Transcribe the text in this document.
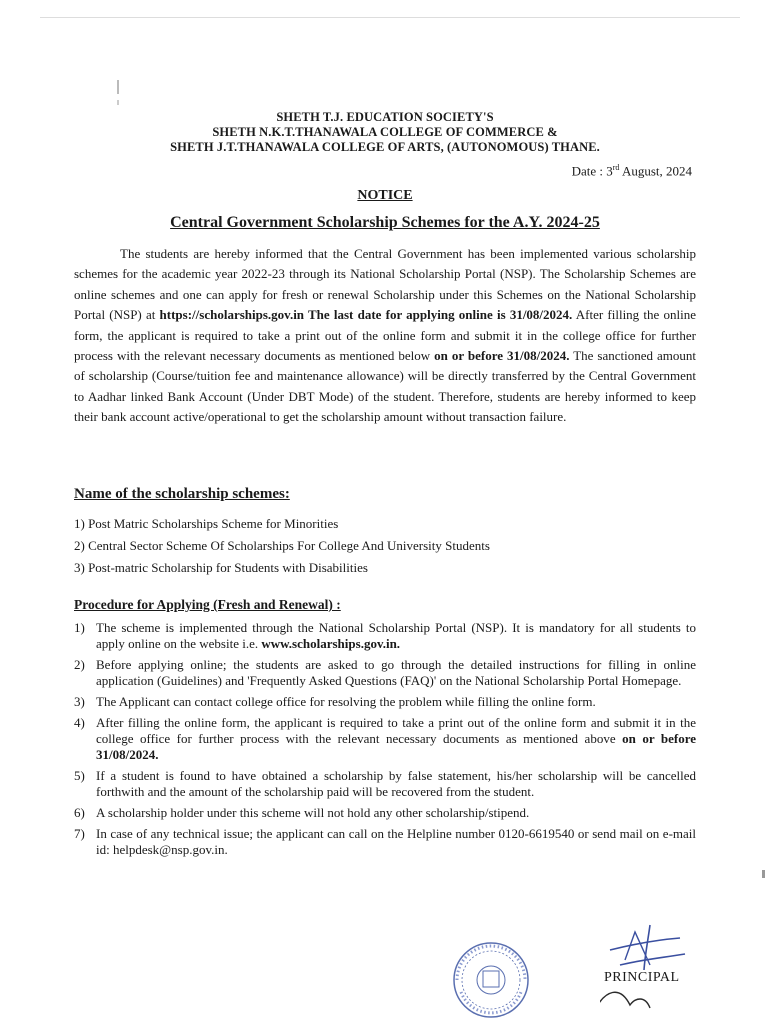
SHETH T.J. EDUCATION SOCIETY'S
SHETH N.K.T.THANAWALA COLLEGE OF COMMERCE &
SHETH J.T.THANAWALA COLLEGE OF ARTS, (AUTONOMOUS) THANE.
Date : 3rd August, 2024
NOTICE
Central Government Scholarship Schemes for the A.Y. 2024-25
The students are hereby informed that the Central Government has been implemented various scholarship schemes for the academic year 2022-23 through its National Scholarship Portal (NSP). The Scholarship Schemes are online schemes and one can apply for fresh or renewal Scholarship under this Schemes on the National Scholarship Portal (NSP) at https://scholarships.gov.in The last date for applying online is 31/08/2024. After filling the online form, the applicant is required to take a print out of the online form and submit it in the college office for further process with the relevant necessary documents as mentioned below on or before 31/08/2024. The sanctioned amount of scholarship (Course/tuition fee and maintenance allowance) will be directly transferred by the Central Government to Aadhar linked Bank Account (Under DBT Mode) of the student. Therefore, students are hereby informed to keep their bank account active/operational to get the scholarship amount without transaction failure.
Name of the scholarship schemes:
1) Post Matric Scholarships Scheme for Minorities
2) Central Sector Scheme Of Scholarships For College And University Students
3) Post-matric Scholarship for Students with Disabilities
Procedure for Applying (Fresh and Renewal) :
1) The scheme is implemented through the National Scholarship Portal (NSP). It is mandatory for all students to apply online on the website i.e. www.scholarships.gov.in.
2) Before applying online; the students are asked to go through the detailed instructions for filling in online application (Guidelines) and 'Frequently Asked Questions (FAQ)' on the National Scholarship Portal Homepage.
3) The Applicant can contact college office for resolving the problem while filling the online form.
4) After filling the online form, the applicant is required to take a print out of the online form and submit it in the college office for further process with the relevant necessary documents as mentioned above on or before 31/08/2024.
5) If a student is found to have obtained a scholarship by false statement, his/her scholarship will be cancelled forthwith and the amount of the scholarship paid will be recovered from the student.
6) A scholarship holder under this scheme will not hold any other scholarship/stipend.
7) In case of any technical issue; the applicant can call on the Helpline number 0120-6619540 or send mail on e-mail id: helpdesk@nsp.gov.in.
PRINCIPAL
